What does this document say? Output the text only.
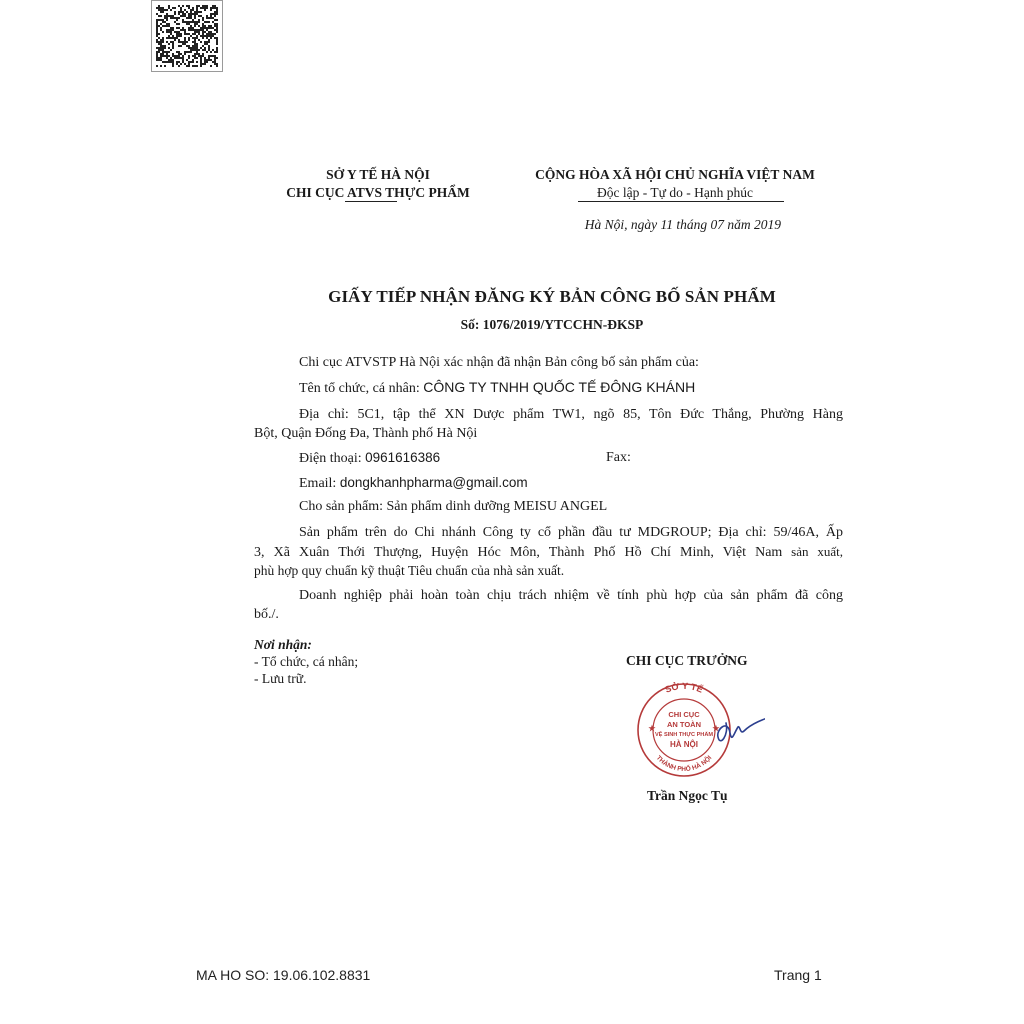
SỞ Y TẾ HÀ NỘI
CHI CỤC ATVS THỰC PHẨM
CỘNG HÒA XÃ HỘI CHỦ NGHĨA VIỆT NAM
Độc lập - Tự do - Hạnh phúc
Hà Nội, ngày 11 tháng 07 năm 2019
GIẤY TIẾP NHẬN ĐĂNG KÝ BẢN CÔNG BỐ SẢN PHẨM
Số: 1076/2019/YTCCHN-ĐKSP
Chi cục ATVSTP Hà Nội xác nhận đã nhận Bản công bố sản phẩm của:
Tên tổ chức, cá nhân: CÔNG TY TNHH QUỐC TẾ ĐÔNG KHÁNH
Địa chỉ: 5C1, tập thể XN Dược phẩm TW1, ngõ 85, Tôn Đức Thắng, Phường Hàng
Bột, Quận Đống Đa, Thành phố Hà Nội
Điện thoại: 0961616386	Fax:
Email: dongkhanhpharma@gmail.com
Cho sản phẩm: Sản phẩm dinh dưỡng MEISU ANGEL
Sản phẩm trên do Chi nhánh Công ty cổ phần đầu tư MDGROUP; Địa chỉ: 59/46A, Ấp
3, Xã Xuân Thới Thượng, Huyện Hóc Môn, Thành Phố Hồ Chí Minh, Việt Nam sản xuất,
phù hợp quy chuẩn kỹ thuật Tiêu chuẩn của nhà sản xuất.
Doanh nghiệp phải hoàn toàn chịu trách nhiệm về tính phù hợp của sản phẩm đã công
bố./.
Nơi nhận:
- Tổ chức, cá nhân;
- Lưu trữ.
CHI CỤC TRƯỞNG
SỞ Y TẾ
CHI CỤC
AN TOÀN
VỆ SINH THỰC PHẨM
HÀ NỘI
THÀNH PHỐ HÀ NỘI
★	★
Trần Ngọc Tụ
MA HO SO: 19.06.102.8831	Trang 1
